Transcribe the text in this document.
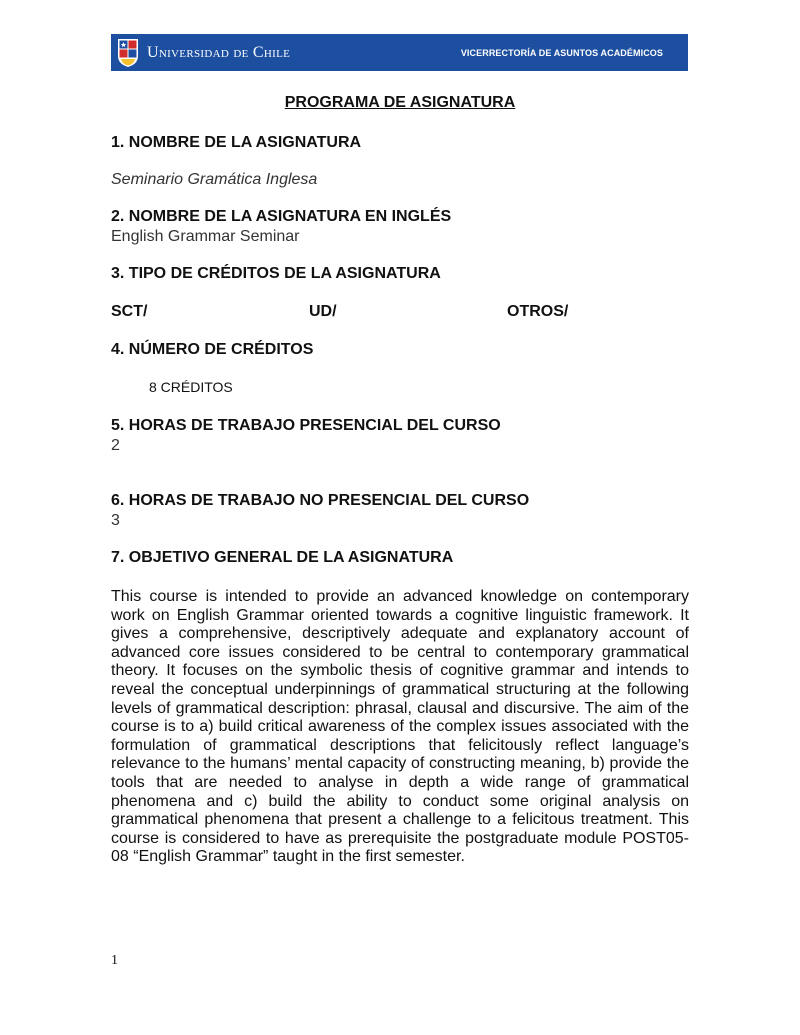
Universidad de Chile	VICERRECTORÍA DE ASUNTOS ACADÉMICOS
PROGRAMA DE ASIGNATURA
1. NOMBRE DE LA ASIGNATURA
Seminario Gramática Inglesa
2. NOMBRE DE LA ASIGNATURA EN INGLÉS
English Grammar Seminar
3. TIPO DE CRÉDITOS DE LA ASIGNATURA
SCT/	UD/	OTROS/
4. NÚMERO DE CRÉDITOS
8 CRÉDITOS
5. HORAS DE TRABAJO PRESENCIAL DEL CURSO
2
6. HORAS DE TRABAJO NO PRESENCIAL DEL CURSO
3
7. OBJETIVO GENERAL DE LA ASIGNATURA

This course is intended to provide an advanced knowledge on contemporary work on English Grammar oriented towards a cognitive linguistic framework. It gives a comprehensive, descriptively adequate and explanatory account of advanced core issues considered to be central to contemporary grammatical theory. It focuses on the symbolic thesis of cognitive grammar and intends to reveal the conceptual underpinnings of grammatical structuring at the following levels of grammatical description: phrasal, clausal and discursive. The aim of the course is to a) build critical awareness of the complex issues associated with the formulation of grammatical descriptions that felicitously reflect language’s relevance to the humans’ mental capacity of constructing meaning, b) provide the tools that are needed to analyse in depth a wide range of grammatical phenomena and c) build the ability to conduct some original analysis on grammatical phenomena that present a challenge to a felicitous treatment. This course is considered to have as prerequisite the postgraduate module POST05-08 “English Grammar” taught in the first semester.

1
